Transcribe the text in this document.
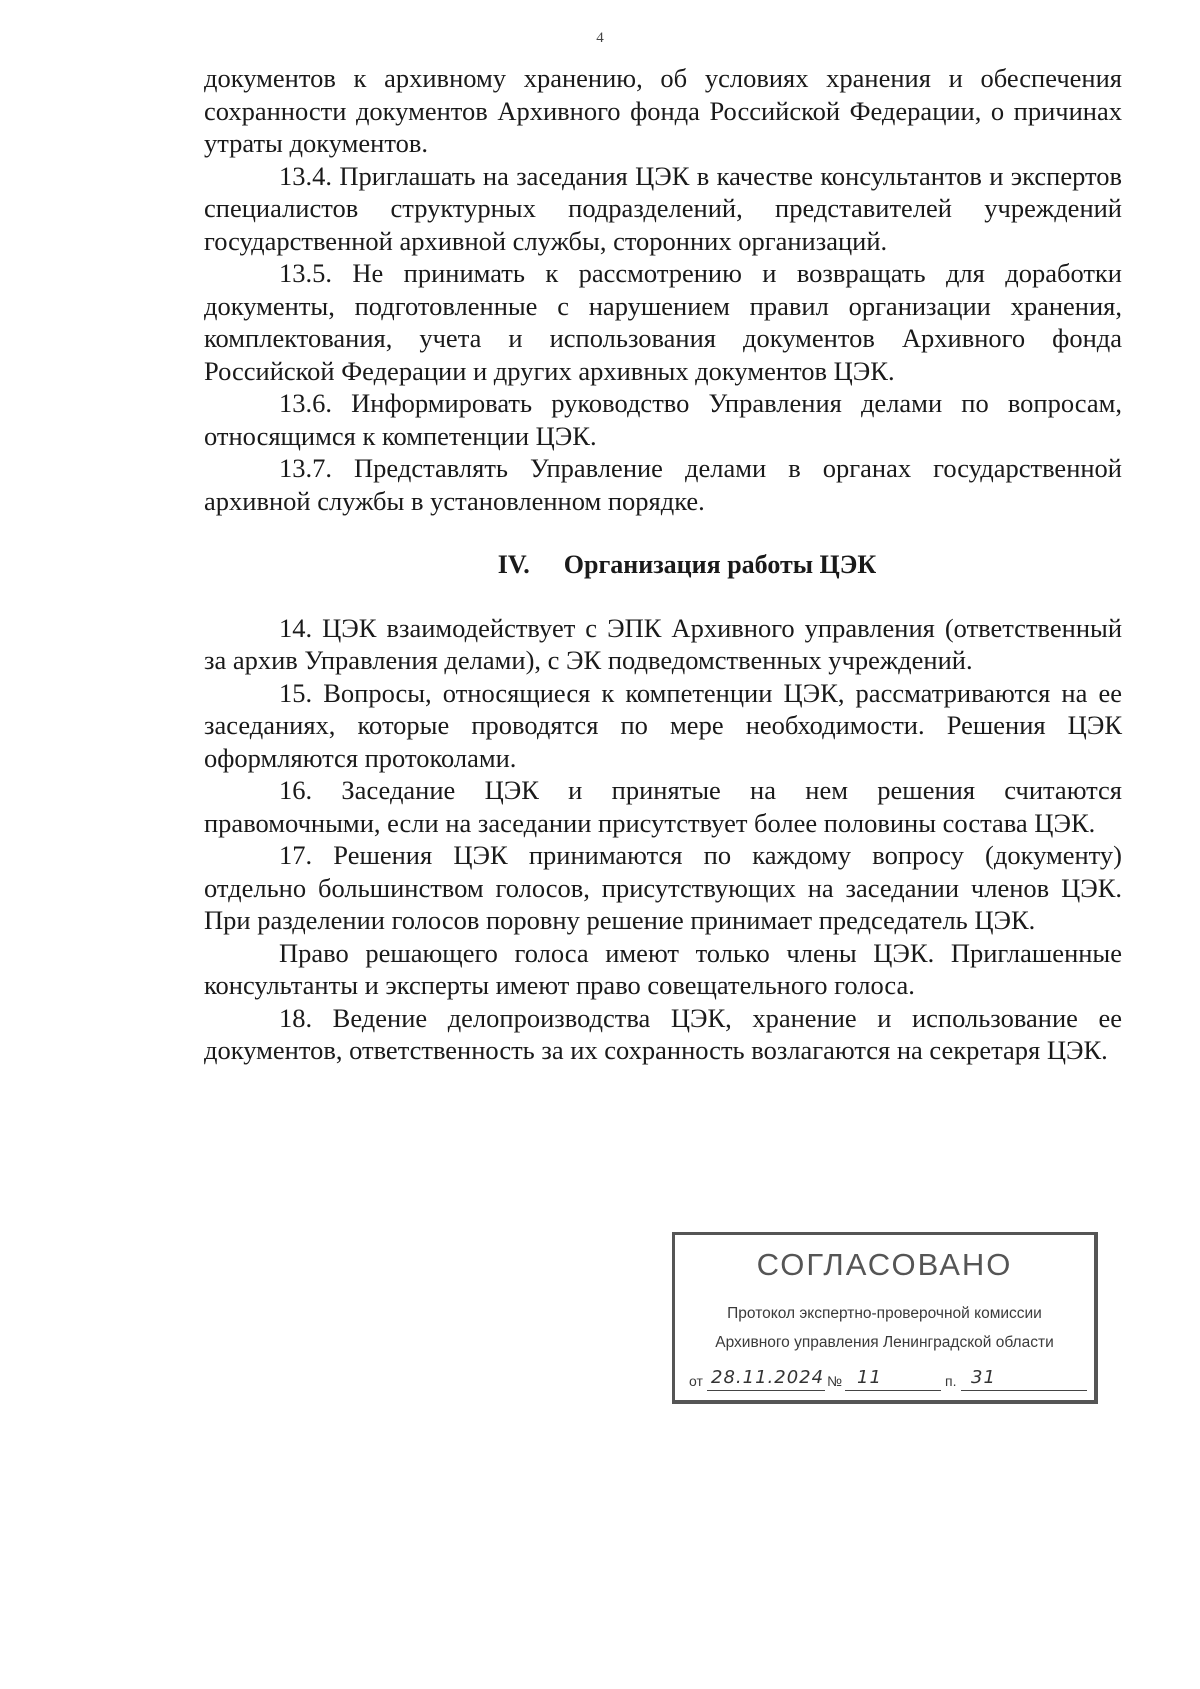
4

документов к архивному хранению, об условиях хранения и обеспечения сохранности документов Архивного фонда Российской Федерации, о причинах утраты документов.

13.4. Приглашать на заседания ЦЭК в качестве консультантов и экспертов специалистов структурных подразделений, представителей учреждений государственной архивной службы, сторонних организаций.

13.5. Не принимать к рассмотрению и возвращать для доработки документы, подготовленные с нарушением правил организации хранения, комплектования, учета и использования документов Архивного фонда Российской Федерации и других архивных документов ЦЭК.

13.6. Информировать руководство Управления делами по вопросам, относящимся к компетенции ЦЭК.

13.7. Представлять Управление делами в органах государственной архивной службы в установленном порядке.

IV. Организация работы ЦЭК

14. ЦЭК взаимодействует с ЭПК Архивного управления (ответственный за архив Управления делами), с ЭК подведомственных учреждений.

15. Вопросы, относящиеся к компетенции ЦЭК, рассматриваются на ее заседаниях, которые проводятся по мере необходимости. Решения ЦЭК оформляются протоколами.

16. Заседание ЦЭК и принятые на нем решения считаются правомочными, если на заседании присутствует более половины состава ЦЭК.

17. Решения ЦЭК принимаются по каждому вопросу (документу) отдельно большинством голосов, присутствующих на заседании членов ЦЭК. При разделении голосов поровну решение принимает председатель ЦЭК.

Право решающего голоса имеют только члены ЦЭК. Приглашенные консультанты и эксперты имеют право совещательного голоса.

18. Ведение делопроизводства ЦЭК, хранение и использование ее документов, ответственность за их сохранность возлагаются на секретаря ЦЭК.

СОГЛАСОВАНО
Протокол экспертно-проверочной комиссии
Архивного управления Ленинградской области
от 28.11.2024 № 11	п. 31
